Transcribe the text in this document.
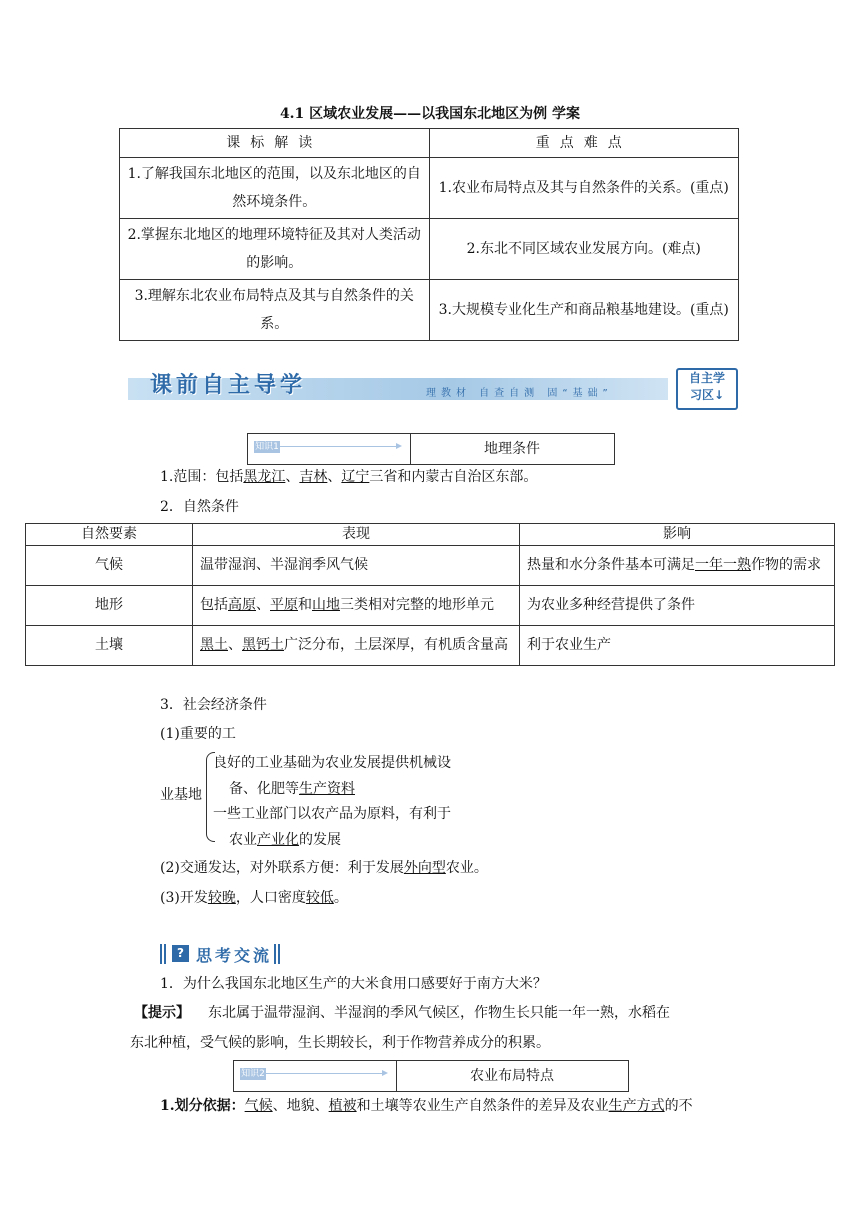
4.1 区域农业发展——以我国东北地区为例 学案
课标解读	重点难点
1.了解我国东北地区的范围，以及东北地区的自然环境条件。	1.农业布局特点及其与自然条件的关系。(重点)
2.掌握东北地区的地理环境特征及其对人类活动的影响。	2.东北不同区域农业发展方向。(难点)
3.理解东北农业布局特点及其与自然条件的关系。	3.大规模专业化生产和商品粮基地建设。(重点)
课前自主导学	理教材 自查自测 固“基础”
自主学
习区↓
知识1	地理条件
1.范围：包括黑龙江、吉林、辽宁三省和内蒙古自治区东部。
2．自然条件
自然要素	表现	影响
气候	温带湿润、半湿润季风气候	热量和水分条件基本可满足一年一熟作物的需求
地形	包括高原、平原和山地三类相对完整的地形单元	为农业多种经营提供了条件
土壤	黑土、黑钙土广泛分布，土层深厚，有机质含量高	利于农业生产
3．社会经济条件
(1)重要的工
业基地
良好的工业基础为农业发展提供机械设
备、化肥等生产资料
一些工业部门以农产品为原料，有利于
农业产业化的发展
(2)交通发达，对外联系方便：利于发展外向型农业。
(3)开发较晚，人口密度较低。
? 思考交流
1．为什么我国东北地区生产的大米食用口感要好于南方大米？
【提示】 东北属于温带湿润、半湿润的季风气候区，作物生长只能一年一熟，水稻在
东北种植，受气候的影响，生长期较长，利于作物营养成分的积累。
知识2	农业布局特点
1.划分依据：气候、地貌、植被和土壤等农业生产自然条件的差异及农业生产方式的不
